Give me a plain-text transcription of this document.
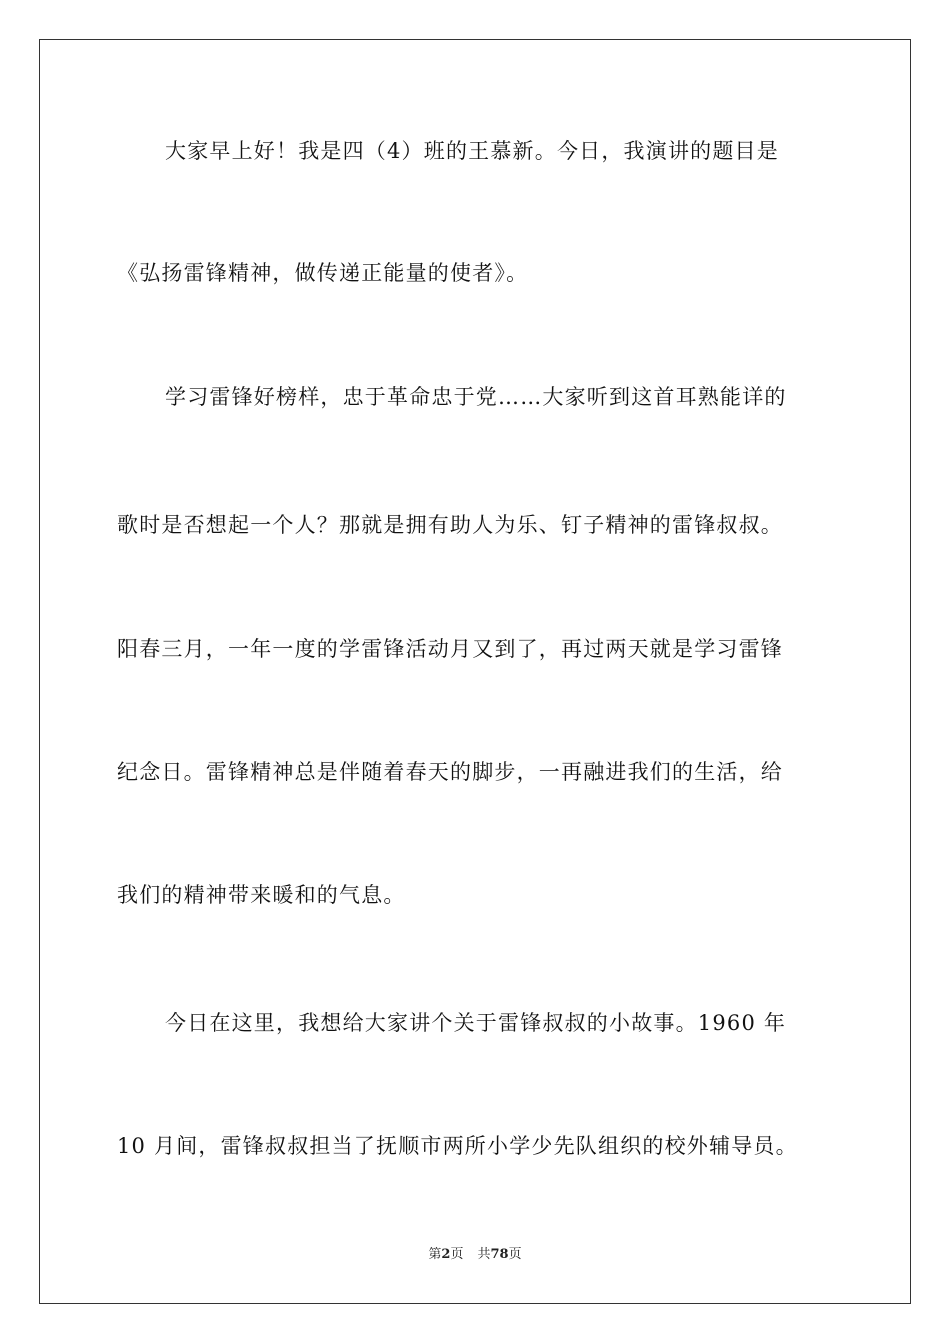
大家早上好！我是四（4）班的王慕新。今日，我演讲的题目是
《弘扬雷锋精神，做传递正能量的使者》。
学习雷锋好榜样，忠于革命忠于党……大家听到这首耳熟能详的
歌时是否想起一个人？那就是拥有助人为乐、钉子精神的雷锋叔叔。
阳春三月，一年一度的学雷锋活动月又到了，再过两天就是学习雷锋
纪念日。雷锋精神总是伴随着春天的脚步，一再融进我们的生活，给
我们的精神带来暖和的气息。
今日在这里，我想给大家讲个关于雷锋叔叔的小故事。1960 年
10 月间，雷锋叔叔担当了抚顺市两所小学少先队组织的校外辅导员。
第2页 共78页
